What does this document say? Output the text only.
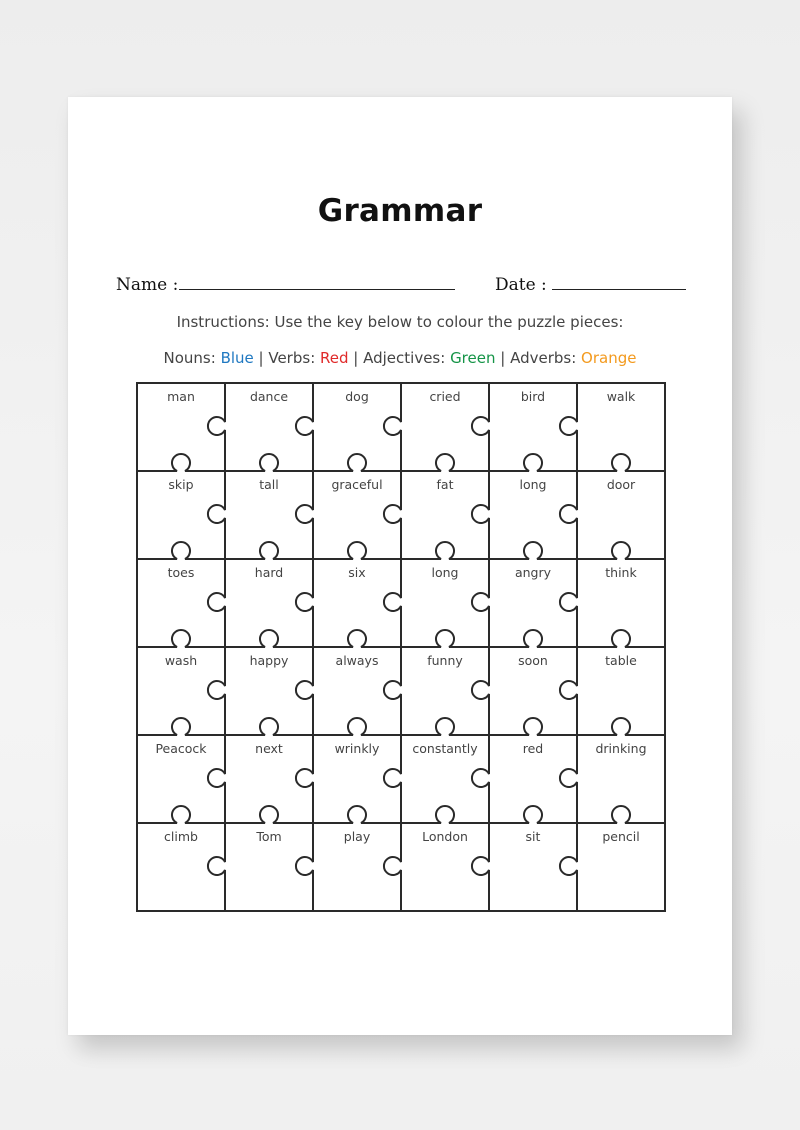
Grammar
Name :	Date :
Instructions: Use the key below to colour the puzzle pieces:
Nouns: Blue | Verbs: Red | Adjectives: Green | Adverbs: Orange
man	dance	dog	cried	bird	walk
skip	tall	graceful	fat	long	door
toes	hard	six	long	angry	think
wash	happy	always	funny	soon	table
Peacock	next	wrinkly	constantly	red	drinking
climb	Tom	play	London	sit	pencil
